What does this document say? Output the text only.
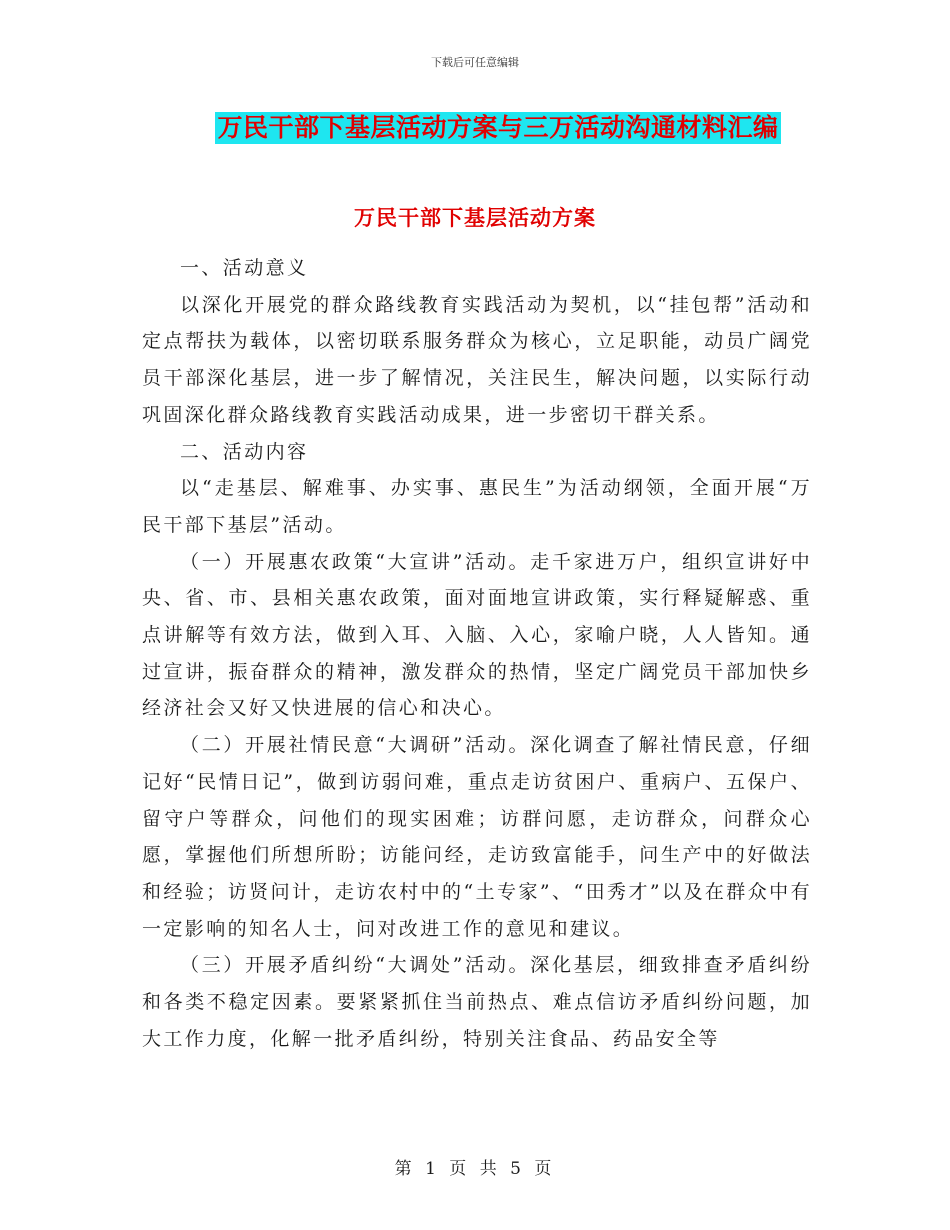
下载后可任意编辑
万民干部下基层活动方案与三万活动沟通材料汇编
万民干部下基层活动方案

一、活动意义

以深化开展党的群众路线教育实践活动为契机，以“挂包帮”活动和定点帮扶为载体，以密切联系服务群众为核心，立足职能，动员广阔党员干部深化基层，进一步了解情况，关注民生，解决问题，以实际行动巩固深化群众路线教育实践活动成果，进一步密切干群关系。

二、活动内容

以“走基层、解难事、办实事、惠民生”为活动纲领，全面开展“万民干部下基层”活动。

（一）开展惠农政策“大宣讲”活动。走千家进万户，组织宣讲好中央、省、市、县相关惠农政策，面对面地宣讲政策，实行释疑解惑、重点讲解等有效方法，做到入耳、入脑、入心，家喻户晓，人人皆知。通过宣讲，振奋群众的精神，激发群众的热情，坚定广阔党员干部加快乡经济社会又好又快进展的信心和决心。

（二）开展社情民意“大调研”活动。深化调查了解社情民意，仔细记好“民情日记”，做到访弱问难，重点走访贫困户、重病户、五保户、留守户等群众，问他们的现实困难；访群问愿，走访群众，问群众心愿，掌握他们所想所盼；访能问经，走访致富能手，问生产中的好做法和经验；访贤问计，走访农村中的“土专家”、“田秀才”以及在群众中有一定影响的知名人士，问对改进工作的意见和建议。

（三）开展矛盾纠纷“大调处”活动。深化基层，细致排查矛盾纠纷和各类不稳定因素。要紧紧抓住当前热点、难点信访矛盾纠纷问题，加大工作力度，化解一批矛盾纠纷，特别关注食品、药品安全等

第 1 页 共 5 页
